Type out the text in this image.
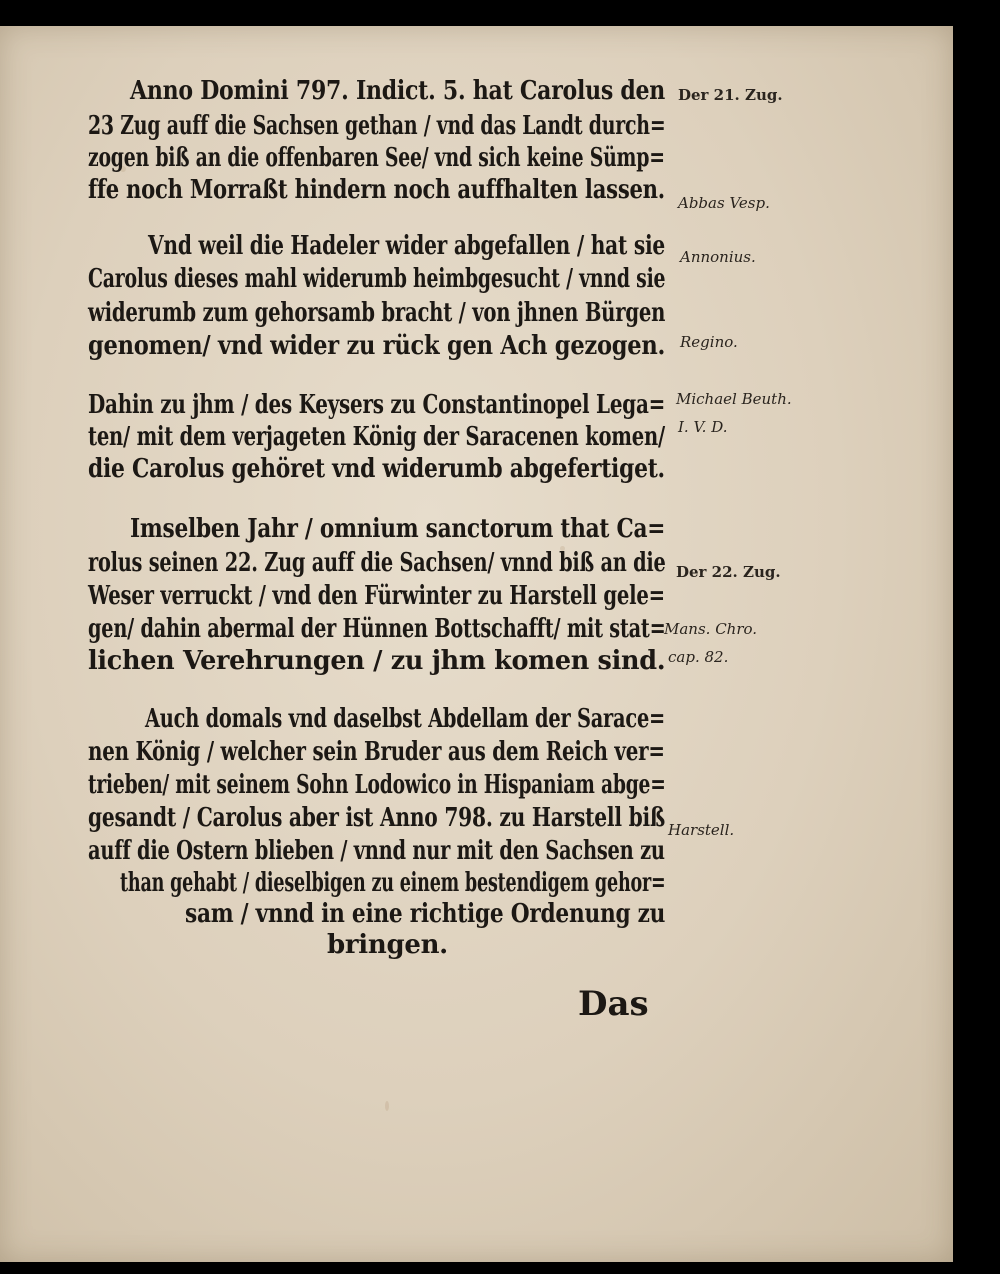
Anno Domini 797. Indict. 5. hat Carolus den
23 Zug auff die Sachsen gethan / vnd das Landt durch=
zogen biß an die offenbaren See/ vnd sich keine Sümp=
ffe noch Morraßt hindern noch auffhalten lassen.
Vnd weil die Hadeler wider abgefallen / hat sie
Carolus dieses mahl widerumb heimbgesucht / vnnd sie
widerumb zum gehorsamb bracht / von jhnen Bürgen
genomen/ vnd wider zu rück gen Ach gezogen.
Dahin zu jhm / des Keysers zu Constantinopel Lega=
ten/ mit dem verjageten König der Saracenen komen/
die Carolus gehöret vnd widerumb abgefertiget.
Imselben Jahr / omnium sanctorum that Ca=
rolus seinen 22. Zug auff die Sachsen/ vnnd biß an die
Weser verruckt / vnd den Fürwinter zu Harstell gele=
gen/ dahin abermal der Hünnen Bottschafft/ mit stat=
lichen Verehrungen / zu jhm komen sind.
Auch domals vnd daselbst Abdellam der Sarace=
nen König / welcher sein Bruder aus dem Reich ver=
trieben/ mit seinem Sohn Lodowico in Hispaniam abge=
gesandt / Carolus aber ist Anno 798. zu Harstell biß
auff die Ostern blieben / vnnd nur mit den Sachsen zu
than gehabt / dieselbigen zu einem bestendigem gehor=
sam / vnnd in eine richtige Ordenung zu
bringen.
Der 21. Zug.
Abbas Vesp.
Annonius.
Regino.
Michael Beuth.
I. V. D.
Der 22. Zug.
Mans. Chro.
cap. 82.
Harstell.
Das
